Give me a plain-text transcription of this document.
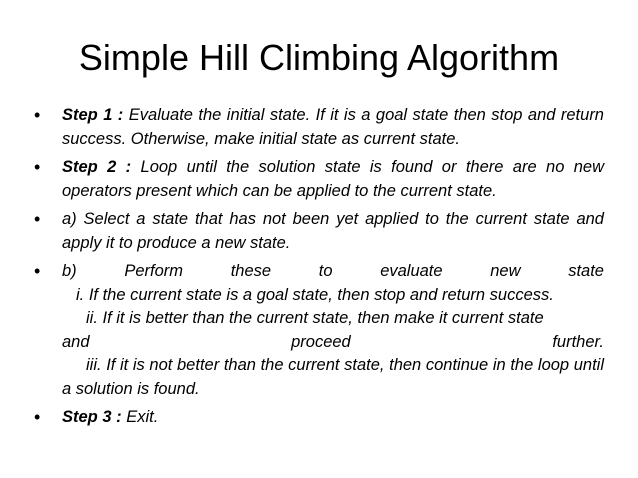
Simple Hill Climbing Algorithm
• Step 1 : Evaluate the initial state. If it is a goal state then stop and return success. Otherwise, make initial state as current state.
• Step 2 : Loop until the solution state is found or there are no new operators present which can be applied to the current state.
• a) Select a state that has not been yet applied to the current state and apply it to produce a new state.
• b)	Perform	these	to	evaluate	new	state
i. If the current state is a goal state, then stop and return success.
ii. If it is better than the current state, then make it current state
and	proceed	further.
iii. If it is not better than the current state, then continue in the loop until a solution is found.
• Step 3 : Exit.
